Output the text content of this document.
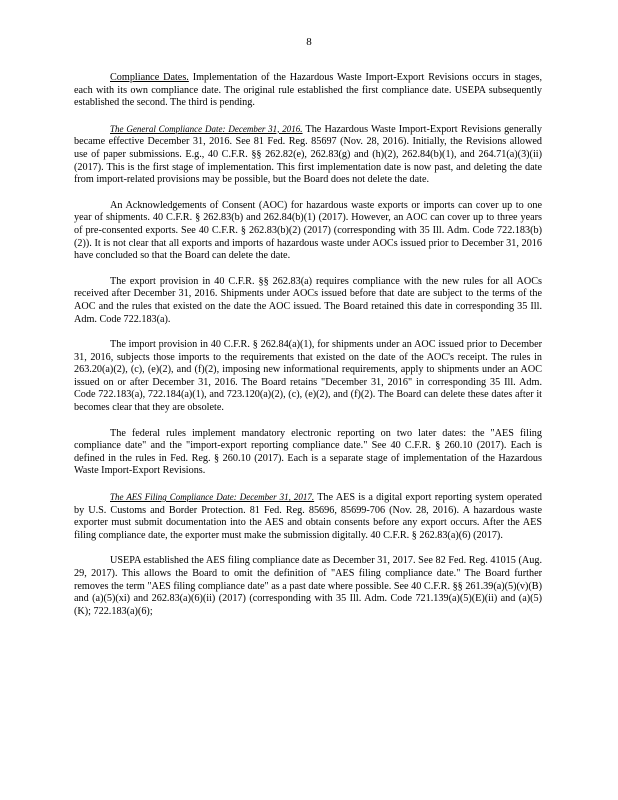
8

Compliance Dates. Implementation of the Hazardous Waste Import-Export Revisions occurs in stages, each with its own compliance date. The original rule established the first compliance date. USEPA subsequently established the second. The third is pending.

The General Compliance Date: December 31, 2016. The Hazardous Waste Import-Export Revisions generally became effective December 31, 2016. See 81 Fed. Reg. 85697 (Nov. 28, 2016). Initially, the Revisions allowed use of paper submissions. E.g., 40 C.F.R. §§ 262.82(e), 262.83(g) and (h)(2), 262.84(b)(1), and 264.71(a)(3)(ii) (2017). This is the first stage of implementation. This first implementation date is now past, and deleting the date from import-related provisions may be possible, but the Board does not delete the date.

An Acknowledgements of Consent (AOC) for hazardous waste exports or imports can cover up to one year of shipments. 40 C.F.R. § 262.83(b) and 262.84(b)(1) (2017). However, an AOC can cover up to three years of pre-consented exports. See 40 C.F.R. § 262.83(b)(2) (2017) (corresponding with 35 Ill. Adm. Code 722.183(b)(2)). It is not clear that all exports and imports of hazardous waste under AOCs issued prior to December 31, 2016 have concluded so that the Board can delete the date.

The export provision in 40 C.F.R. §§ 262.83(a) requires compliance with the new rules for all AOCs received after December 31, 2016. Shipments under AOCs issued before that date are subject to the terms of the AOC and the rules that existed on the date the AOC issued. The Board retained this date in corresponding 35 Ill. Adm. Code 722.183(a).

The import provision in 40 C.F.R. § 262.84(a)(1), for shipments under an AOC issued prior to December 31, 2016, subjects those imports to the requirements that existed on the date of the AOC's receipt. The rules in 263.20(a)(2), (c), (e)(2), and (f)(2), imposing new informational requirements, apply to shipments under an AOC issued on or after December 31, 2016. The Board retains "December 31, 2016" in corresponding 35 Ill. Adm. Code 722.183(a), 722.184(a)(1), and 723.120(a)(2), (c), (e)(2), and (f)(2). The Board can delete these dates after it becomes clear that they are obsolete.

The federal rules implement mandatory electronic reporting on two later dates: the "AES filing compliance date" and the "import-export reporting compliance date." See 40 C.F.R. § 260.10 (2017). Each is defined in the rules in Fed. Reg. § 260.10 (2017). Each is a separate stage of implementation of the Hazardous Waste Import-Export Revisions.

The AES Filing Compliance Date: December 31, 2017. The AES is a digital export reporting system operated by U.S. Customs and Border Protection. 81 Fed. Reg. 85696, 85699-706 (Nov. 28, 2016). A hazardous waste exporter must submit documentation into the AES and obtain consents before any export occurs. After the AES filing compliance date, the exporter must make the submission digitally. 40 C.F.R. § 262.83(a)(6) (2017).

USEPA established the AES filing compliance date as December 31, 2017. See 82 Fed. Reg. 41015 (Aug. 29, 2017). This allows the Board to omit the definition of "AES filing compliance date." The Board further removes the term "AES filing compliance date" as a past date where possible. See 40 C.F.R. §§ 261.39(a)(5)(v)(B) and (a)(5)(xi) and 262.83(a)(6)(ii) (2017) (corresponding with 35 Ill. Adm. Code 721.139(a)(5)(E)(ii) and (a)(5)(K); 722.183(a)(6);
